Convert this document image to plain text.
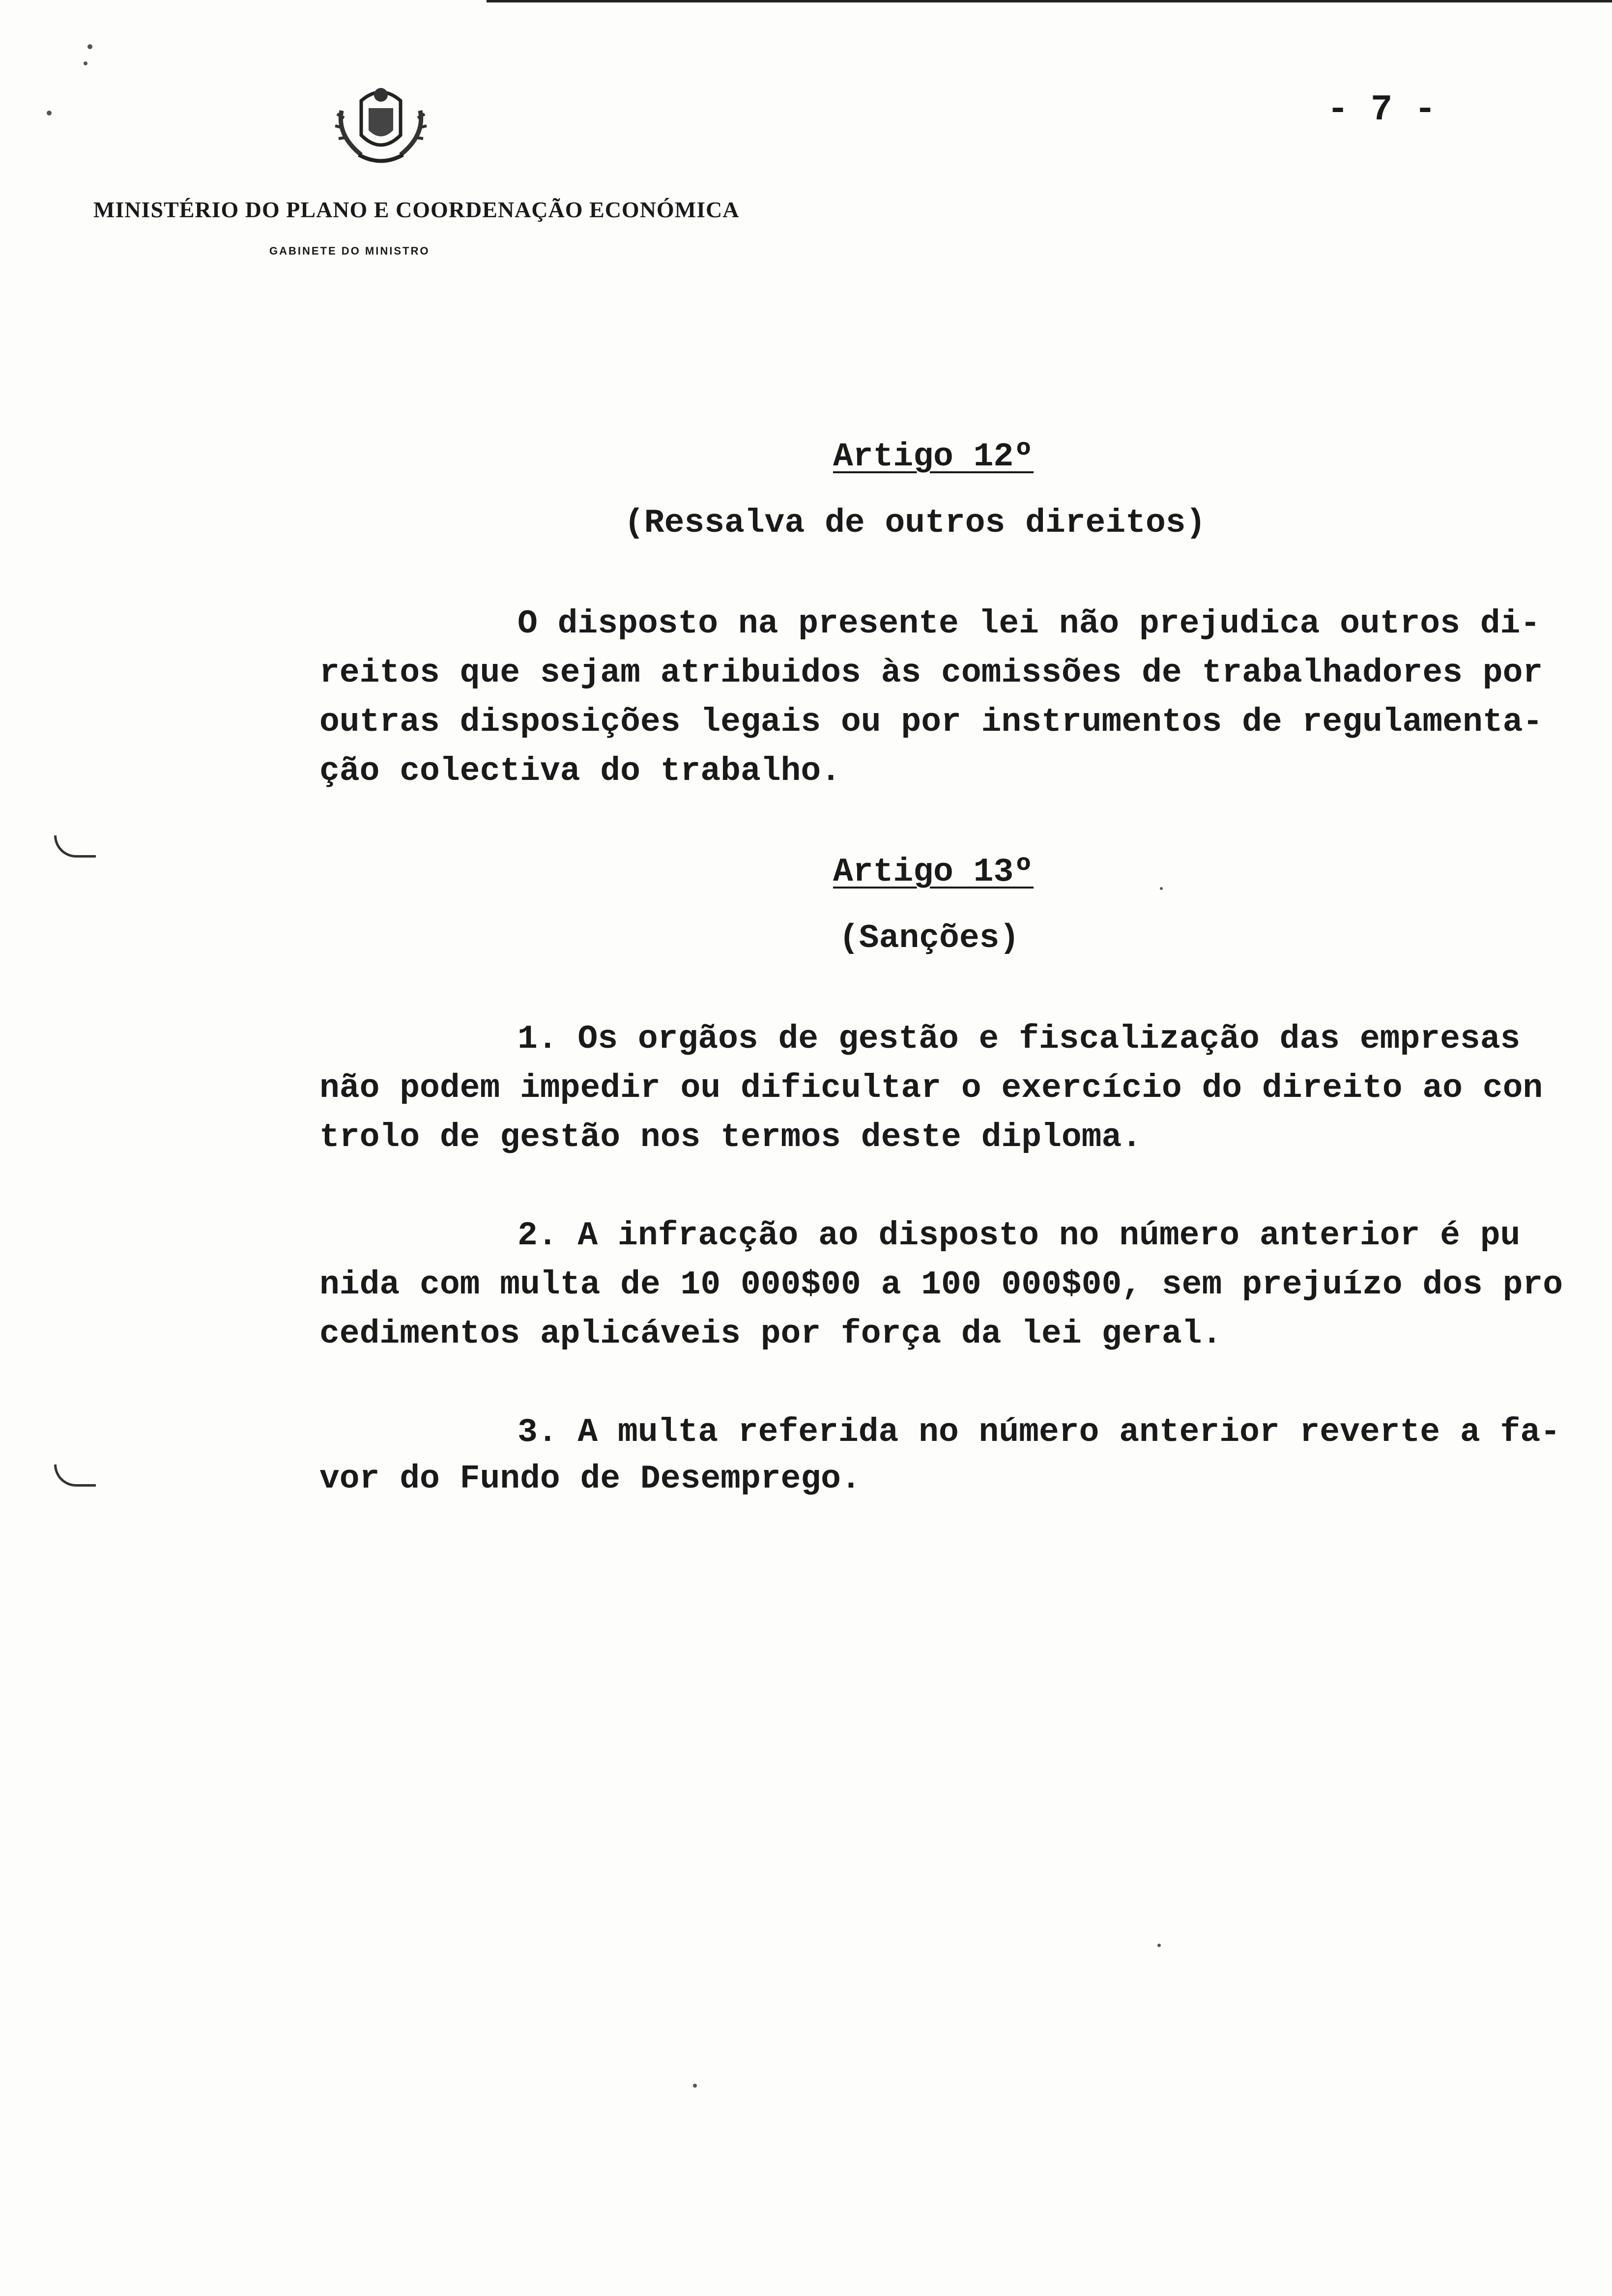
MINISTÉRIO DO PLANO E COORDENAÇÃO ECONÓMICA
GABINETE DO MINISTRO
- 7 -
Artigo 12º
(Ressalva de outros direitos)
O disposto na presente lei não prejudica outros di-
reitos que sejam atribuidos às comissões de trabalhadores por
outras disposições legais ou por instrumentos de regulamenta-
ção colectiva do trabalho.
Artigo 13º
(Sanções)
1. Os orgãos de gestão e fiscalização das empresas
não podem impedir ou dificultar o exercício do direito ao con
trolo de gestão nos termos deste diploma.
2. A infracção ao disposto no número anterior é pu
nida com multa de 10 000$00 a 100 000$00, sem prejuízo dos pro
cedimentos aplicáveis por força da lei geral.
3. A multa referida no número anterior reverte a fa-
vor do Fundo de Desemprego.
